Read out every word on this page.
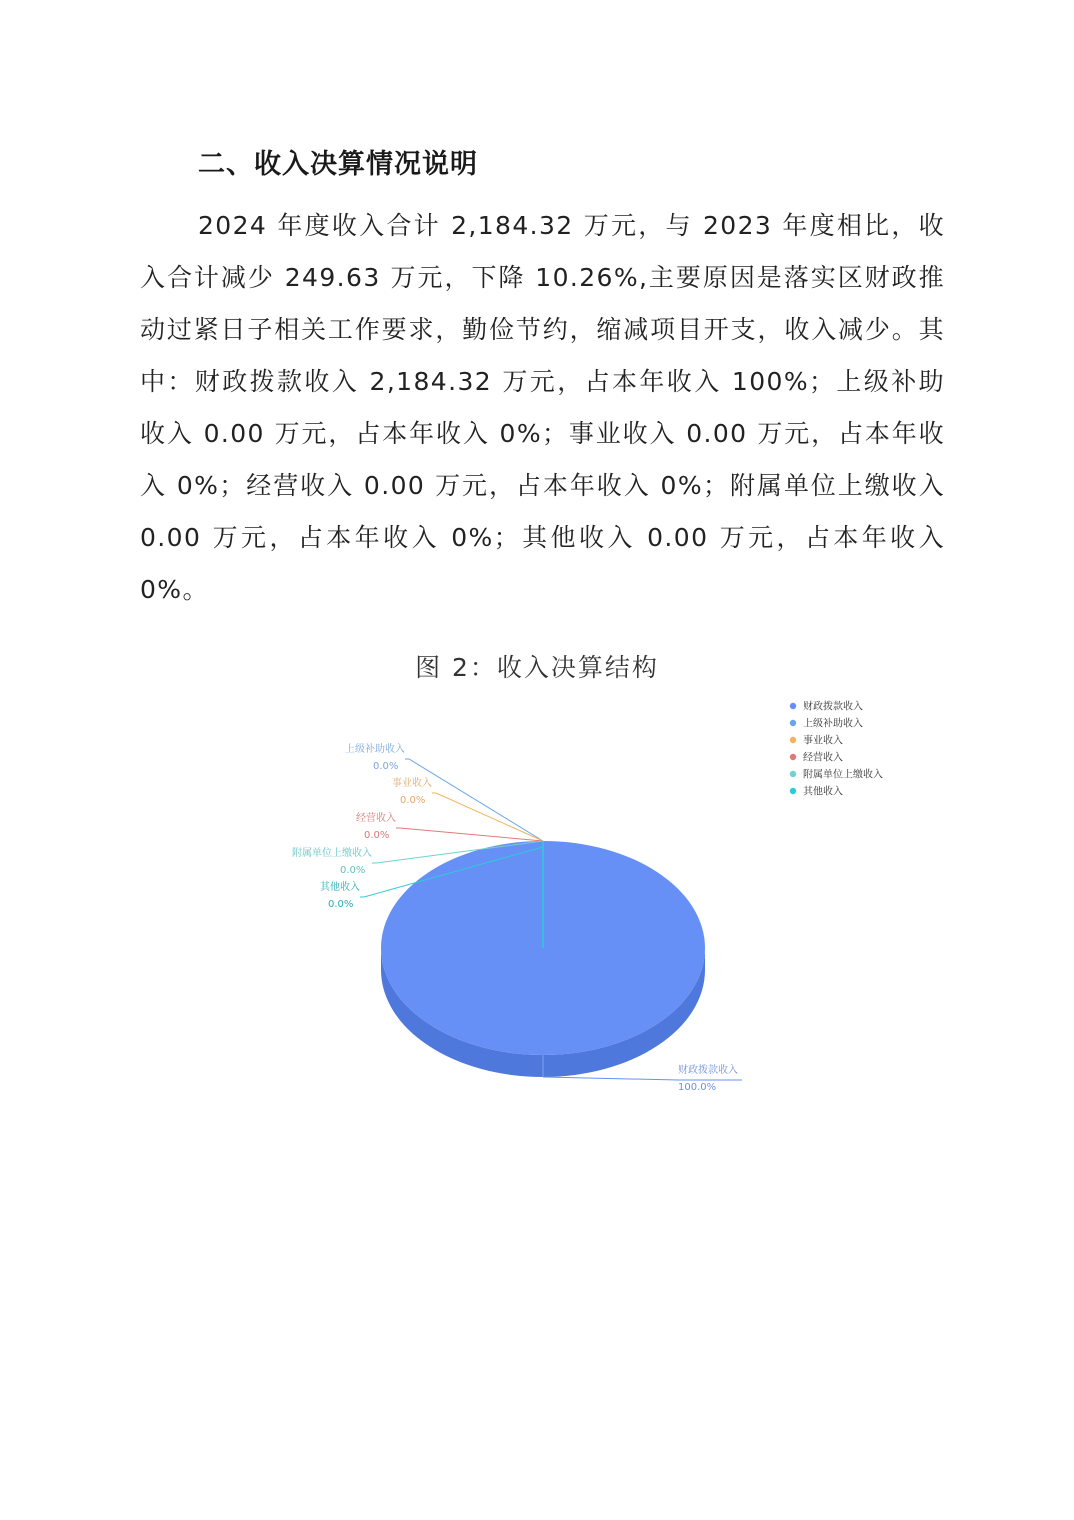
二、收入决算情况说明

2024 年度收入合计 2,184.32 万元，与 2023 年度相比，收入合计减少 249.63 万元，下降 10.26%,主要原因是落实区财政推动过紧日子相关工作要求，勤俭节约，缩减项目开支，收入减少。其中：财政拨款收入 2,184.32 万元，占本年收入 100%；上级补助收入 0.00 万元，占本年收入 0%；事业收入 0.00 万元，占本年收入 0%；经营收入 0.00 万元，占本年收入 0%；附属单位上缴收入 0.00 万元，占本年收入 0%；其他收入 0.00 万元，占本年收入 0%。

图 2：收入决算结构

财政拨款收入
100.0%
上级补助收入
0.0%
事业收入
0.0%
经营收入
0.0%
附属单位上缴收入
0.0%
其他收入
0.0%
财政拨款收入
上级补助收入
事业收入
经营收入
附属单位上缴收入
其他收入
